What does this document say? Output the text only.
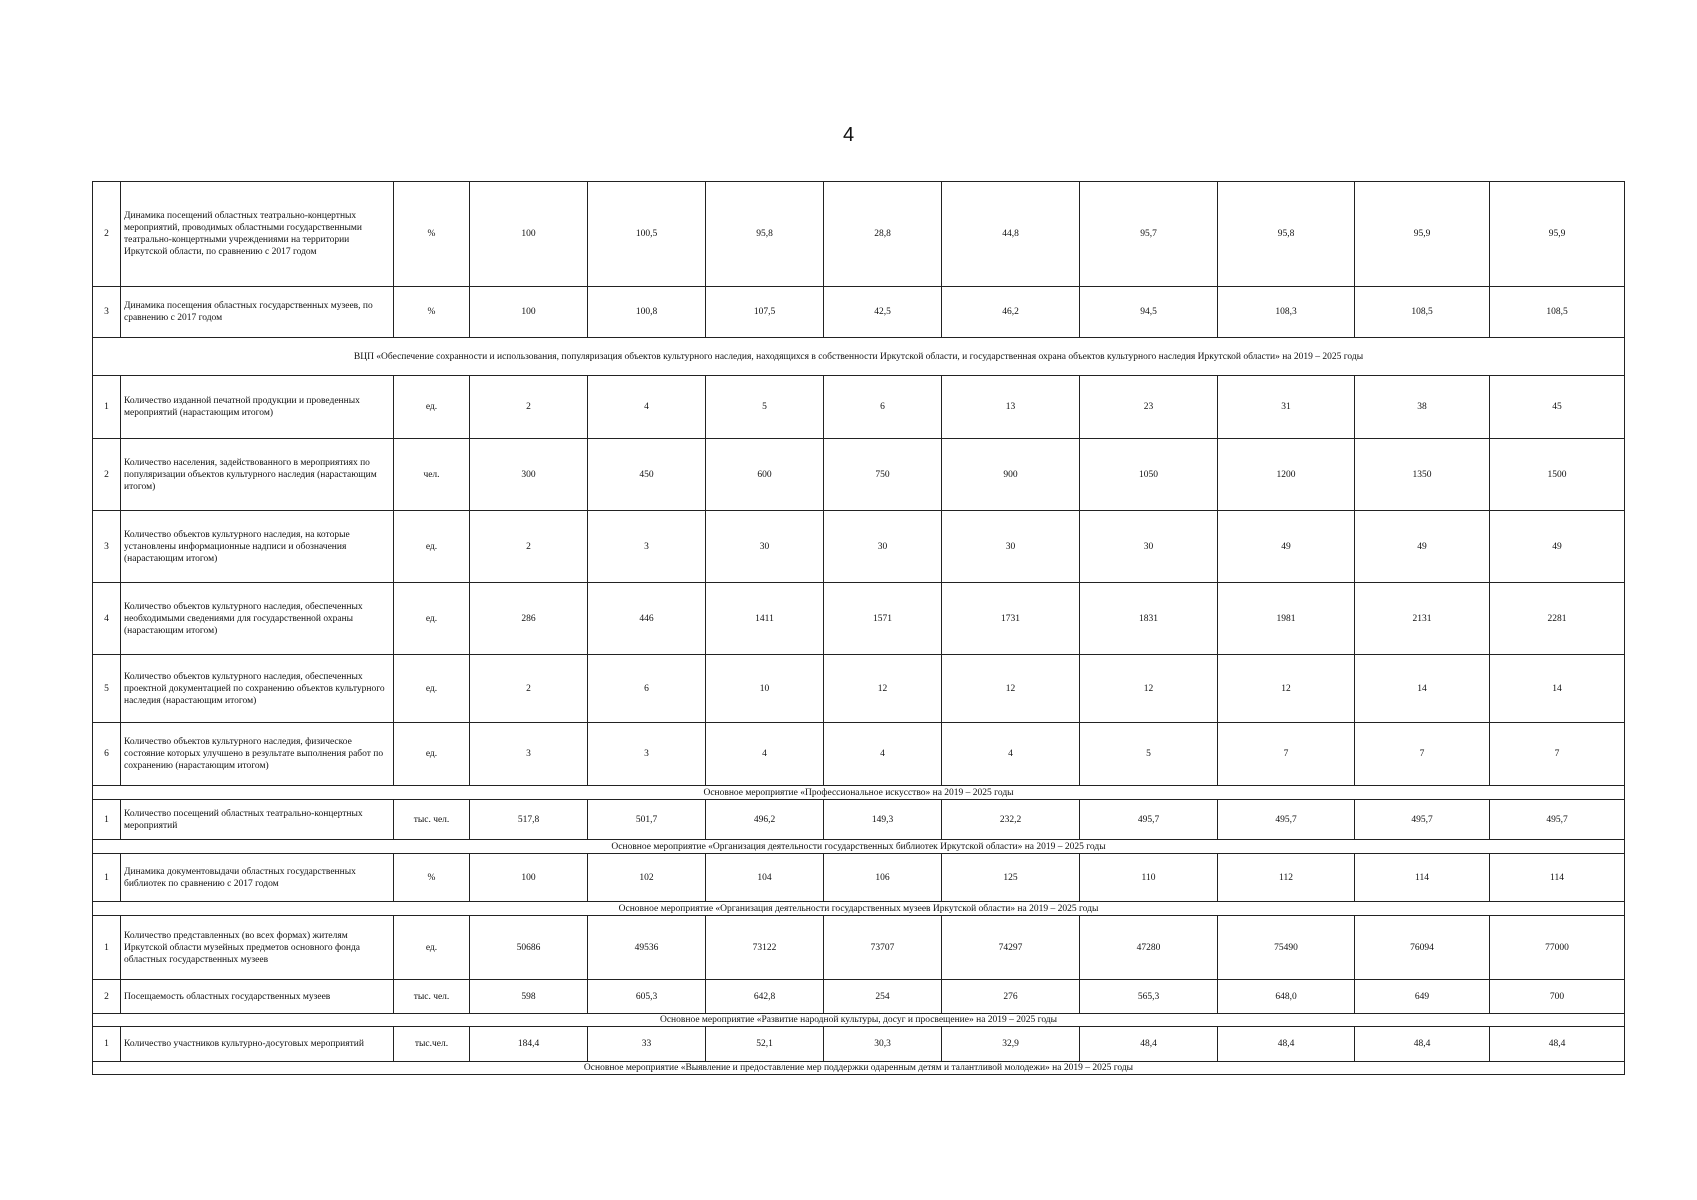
4
2	Динамика посещений областных театрально-концертных мероприятий, проводимых областными государственными театрально-концертными учреждениями на территории Иркутской области, по сравнению с 2017 годом	%	100	100,5	95,8	28,8	44,8	95,7	95,8	95,9	95,9
3	Динамика посещения областных государственных музеев, по сравнению с 2017 годом	%	100	100,8	107,5	42,5	46,2	94,5	108,3	108,5	108,5
ВЦП «Обеспечение сохранности и использования, популяризация объектов культурного наследия, находящихся в собственности Иркутской области, и государственная охрана объектов культурного наследия Иркутской области» на 2019 – 2025 годы											
1	Количество изданной печатной продукции и проведенных мероприятий (нарастающим итогом)	ед.	2	4	5	6	13	23	31	38	45
2	Количество населения, задействованного в мероприятиях по популяризации объектов культурного наследия (нарастающим итогом)	чел.	300	450	600	750	900	1050	1200	1350	1500
3	Количество объектов культурного наследия, на которые установлены информационные надписи и обозначения (нарастающим итогом)	ед.	2	3	30	30	30	30	49	49	49
4	Количество объектов культурного наследия, обеспеченных необходимыми сведениями для государственной охраны (нарастающим итогом)	ед.	286	446	1411	1571	1731	1831	1981	2131	2281
5	Количество объектов культурного наследия, обеспеченных проектной документацией по сохранению объектов культурного наследия (нарастающим итогом)	ед.	2	6	10	12	12	12	12	14	14
6	Количество объектов культурного наследия, физическое состояние которых улучшено в результате выполнения работ по сохранению (нарастающим итогом)	ед.	3	3	4	4	4	5	7	7	7
Основное мероприятие «Профессиональное искусство» на 2019 – 2025 годы											
1	Количество посещений областных театрально-концертных мероприятий	тыс. чел.	517,8	501,7	496,2	149,3	232,2	495,7	495,7	495,7	495,7
Основное мероприятие «Организация деятельности государственных библиотек Иркутской области» на 2019 – 2025 годы											
1	Динамика документовыдачи областных государственных библиотек по сравнению с 2017 годом	%	100	102	104	106	125	110	112	114	114
Основное мероприятие «Организация деятельности государственных музеев Иркутской области» на 2019 – 2025 годы											
1	Количество представленных (во всех формах) жителям Иркутской области музейных предметов основного фонда областных государственных музеев	ед.	50686	49536	73122	73707	74297	47280	75490	76094	77000
2	Посещаемость областных государственных музеев	тыс. чел.	598	605,3	642,8	254	276	565,3	648,0	649	700
Основное мероприятие «Развитие народной культуры, досуг и просвещение» на 2019 – 2025 годы											
1	Количество участников культурно-досуговых мероприятий	тыс.чел.	184,4	33	52,1	30,3	32,9	48,4	48,4	48,4	48,4
Основное мероприятие «Выявление и предоставление мер поддержки одаренным детям и талантливой молодежи» на 2019 – 2025 годы											
